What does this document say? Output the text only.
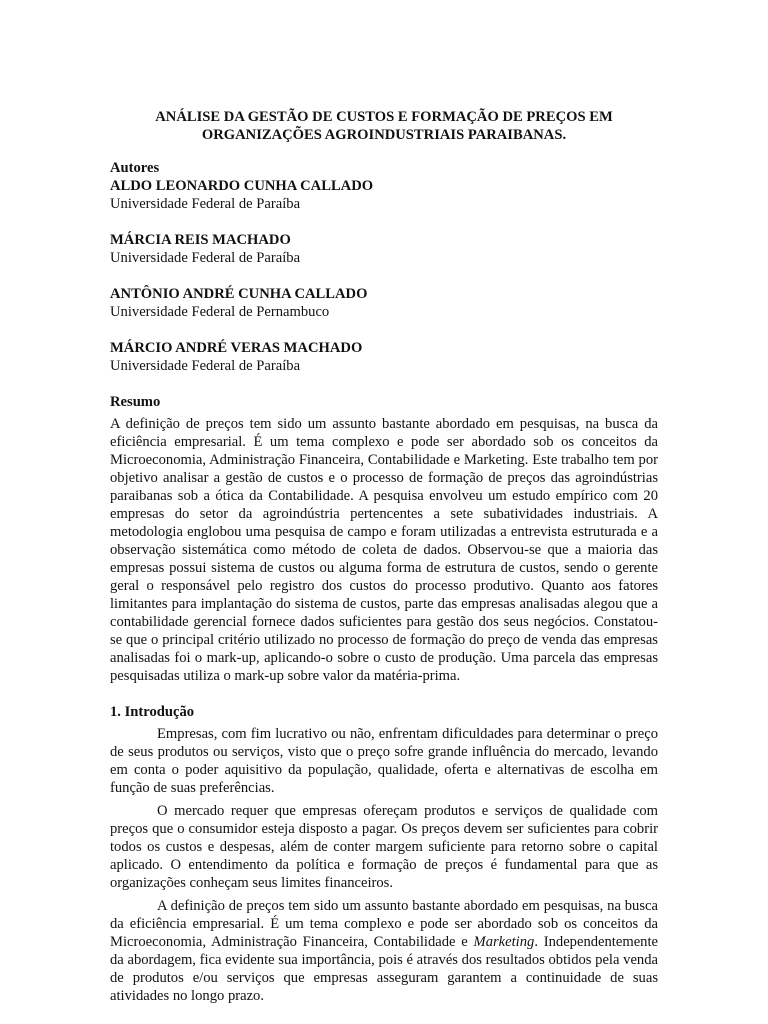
ANÁLISE DA GESTÃO DE CUSTOS E FORMAÇÃO DE PREÇOS EM
ORGANIZAÇÕES AGROINDUSTRIAIS PARAIBANAS.
Autores
ALDO LEONARDO CUNHA CALLADO
Universidade Federal de Paraíba
MÁRCIA REIS MACHADO
Universidade Federal de Paraíba
ANTÔNIO ANDRÉ CUNHA CALLADO
Universidade Federal de Pernambuco
MÁRCIO ANDRÉ VERAS MACHADO
Universidade Federal de Paraíba
Resumo

A definição de preços tem sido um assunto bastante abordado em pesquisas, na busca da eficiência empresarial. É um tema complexo e pode ser abordado sob os conceitos da Microeconomia, Administração Financeira, Contabilidade e Marketing. Este trabalho tem por objetivo analisar a gestão de custos e o processo de formação de preços das agroindústrias paraibanas sob a ótica da Contabilidade. A pesquisa envolveu um estudo empírico com 20 empresas do setor da agroindústria pertencentes a sete subatividades industriais. A metodologia englobou uma pesquisa de campo e foram utilizadas a entrevista estruturada e a observação sistemática como método de coleta de dados. Observou-se que a maioria das empresas possui sistema de custos ou alguma forma de estrutura de custos, sendo o gerente geral o responsável pelo registro dos custos do processo produtivo. Quanto aos fatores limitantes para implantação do sistema de custos, parte das empresas analisadas alegou que a contabilidade gerencial fornece dados suficientes para gestão dos seus negócios. Constatou-se que o principal critério utilizado no processo de formação do preço de venda das empresas analisadas foi o mark-up, aplicando-o sobre o custo de produção. Uma parcela das empresas pesquisadas utiliza o mark-up sobre valor da matéria-prima.

1. Introdução

Empresas, com fim lucrativo ou não, enfrentam dificuldades para determinar o preço de seus produtos ou serviços, visto que o preço sofre grande influência do mercado, levando em conta o poder aquisitivo da população, qualidade, oferta e alternativas de escolha em função de suas preferências.

O mercado requer que empresas ofereçam produtos e serviços de qualidade com preços que o consumidor esteja disposto a pagar. Os preços devem ser suficientes para cobrir todos os custos e despesas, além de conter margem suficiente para retorno sobre o capital aplicado. O entendimento da política e formação de preços é fundamental para que as organizações conheçam seus limites financeiros.

A definição de preços tem sido um assunto bastante abordado em pesquisas, na busca da eficiência empresarial. É um tema complexo e pode ser abordado sob os conceitos da Microeconomia, Administração Financeira, Contabilidade e Marketing. Independentemente da abordagem, fica evidente sua importância, pois é através dos resultados obtidos pela venda de produtos e/ou serviços que empresas asseguram garantem a continuidade de suas atividades no longo prazo.
